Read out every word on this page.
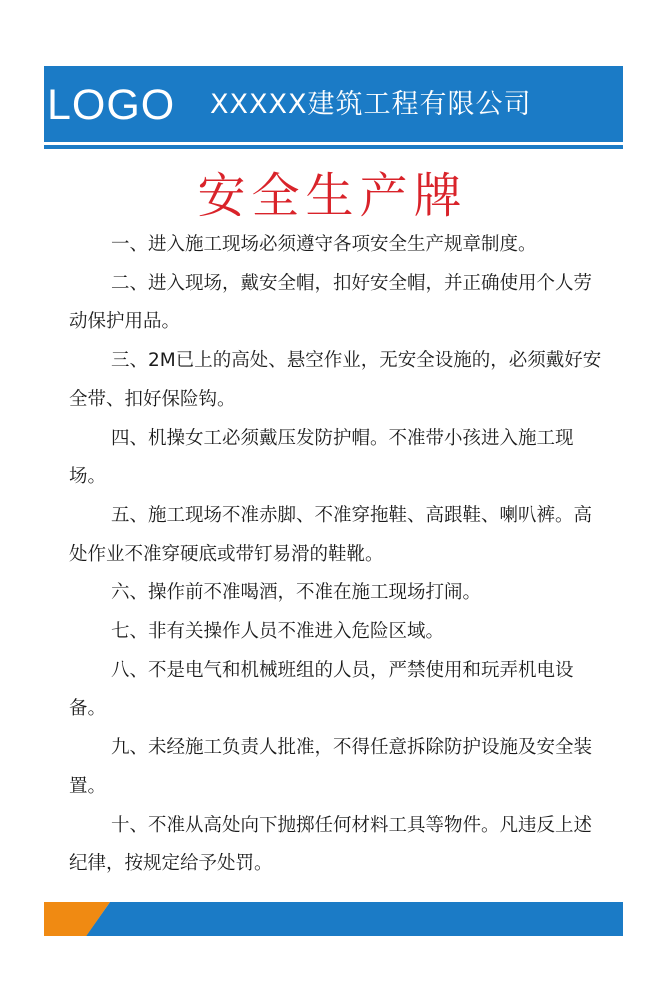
LOGO XXXXX建筑工程有限公司
安全生产牌

一、进入施工现场必须遵守各项安全生产规章制度。

二、进入现场，戴安全帽，扣好安全帽，并正确使用个人劳动保护用品。

三、2M已上的高处、悬空作业，无安全设施的，必须戴好安全带、扣好保险钩。

四、机操女工必须戴压发防护帽。不准带小孩进入施工现场。

五、施工现场不准赤脚、不准穿拖鞋、高跟鞋、喇叭裤。高处作业不准穿硬底或带钉易滑的鞋靴。

六、操作前不准喝酒，不准在施工现场打闹。

七、非有关操作人员不准进入危险区域。

八、不是电气和机械班组的人员，严禁使用和玩弄机电设备。

九、未经施工负责人批准，不得任意拆除防护设施及安全装置。

十、不准从高处向下抛掷任何材料工具等物件。凡违反上述纪律，按规定给予处罚。
